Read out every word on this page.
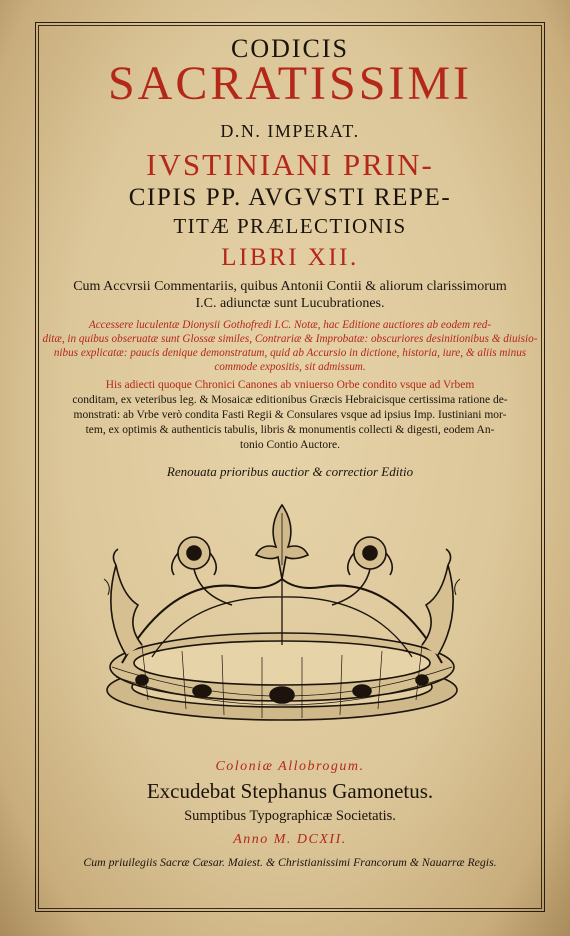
CODICIS
SACRATISSIMI
D.N. IMPERAT.
IVSTINIANI PRIN-
CIPIS PP. AVGVSTI REPE-
TITÆ PRÆLECTIONIS
LIBRI XII.
Cum Accvrsii Commentariis, quibus Antonii Contii & aliorum clarissimorum
I.C. adiunctæ sunt Lucubrationes.
Accessere luculentæ Dionysii Gothofredi I.C. Notæ, hac Editione auctiores ab eodem red-
ditæ, in quibus obseruatæ sunt Glossæ similes, Contrariæ & Improbatæ: obscuriores desinitionibus & diuisio-
nibus explicatæ: paucis denique demonstratum, quid ab Accursio in dictione, historia, iure, & aliis minus
commode expositis, sit admissum.
His adiecti quoque Chronici Canones ab vniuerso Orbe condito vsque ad Vrbem
conditam, ex veteribus leg. & Mosaicæ editionibus Græcis Hebraicisque certissima ratione de-
monstrati: ab Vrbe verò condita Fasti Regii & Consulares vsque ad ipsius Imp. Iustiniani mor-
tem, ex optimis & authenticis tabulis, libris & monumentis collecti & digesti, eodem An-
tonio Contio Auctore.
Renouata prioribus auctior & correctior Editio
Coloniæ Allobrogum.
Excudebat Stephanus Gamonetus.
Sumptibus Typographicæ Societatis.
Anno M. DCXII.
Cum priuilegiis Sacræ Cæsar. Maiest. & Christianissimi Francorum & Nauarræ Regis.
